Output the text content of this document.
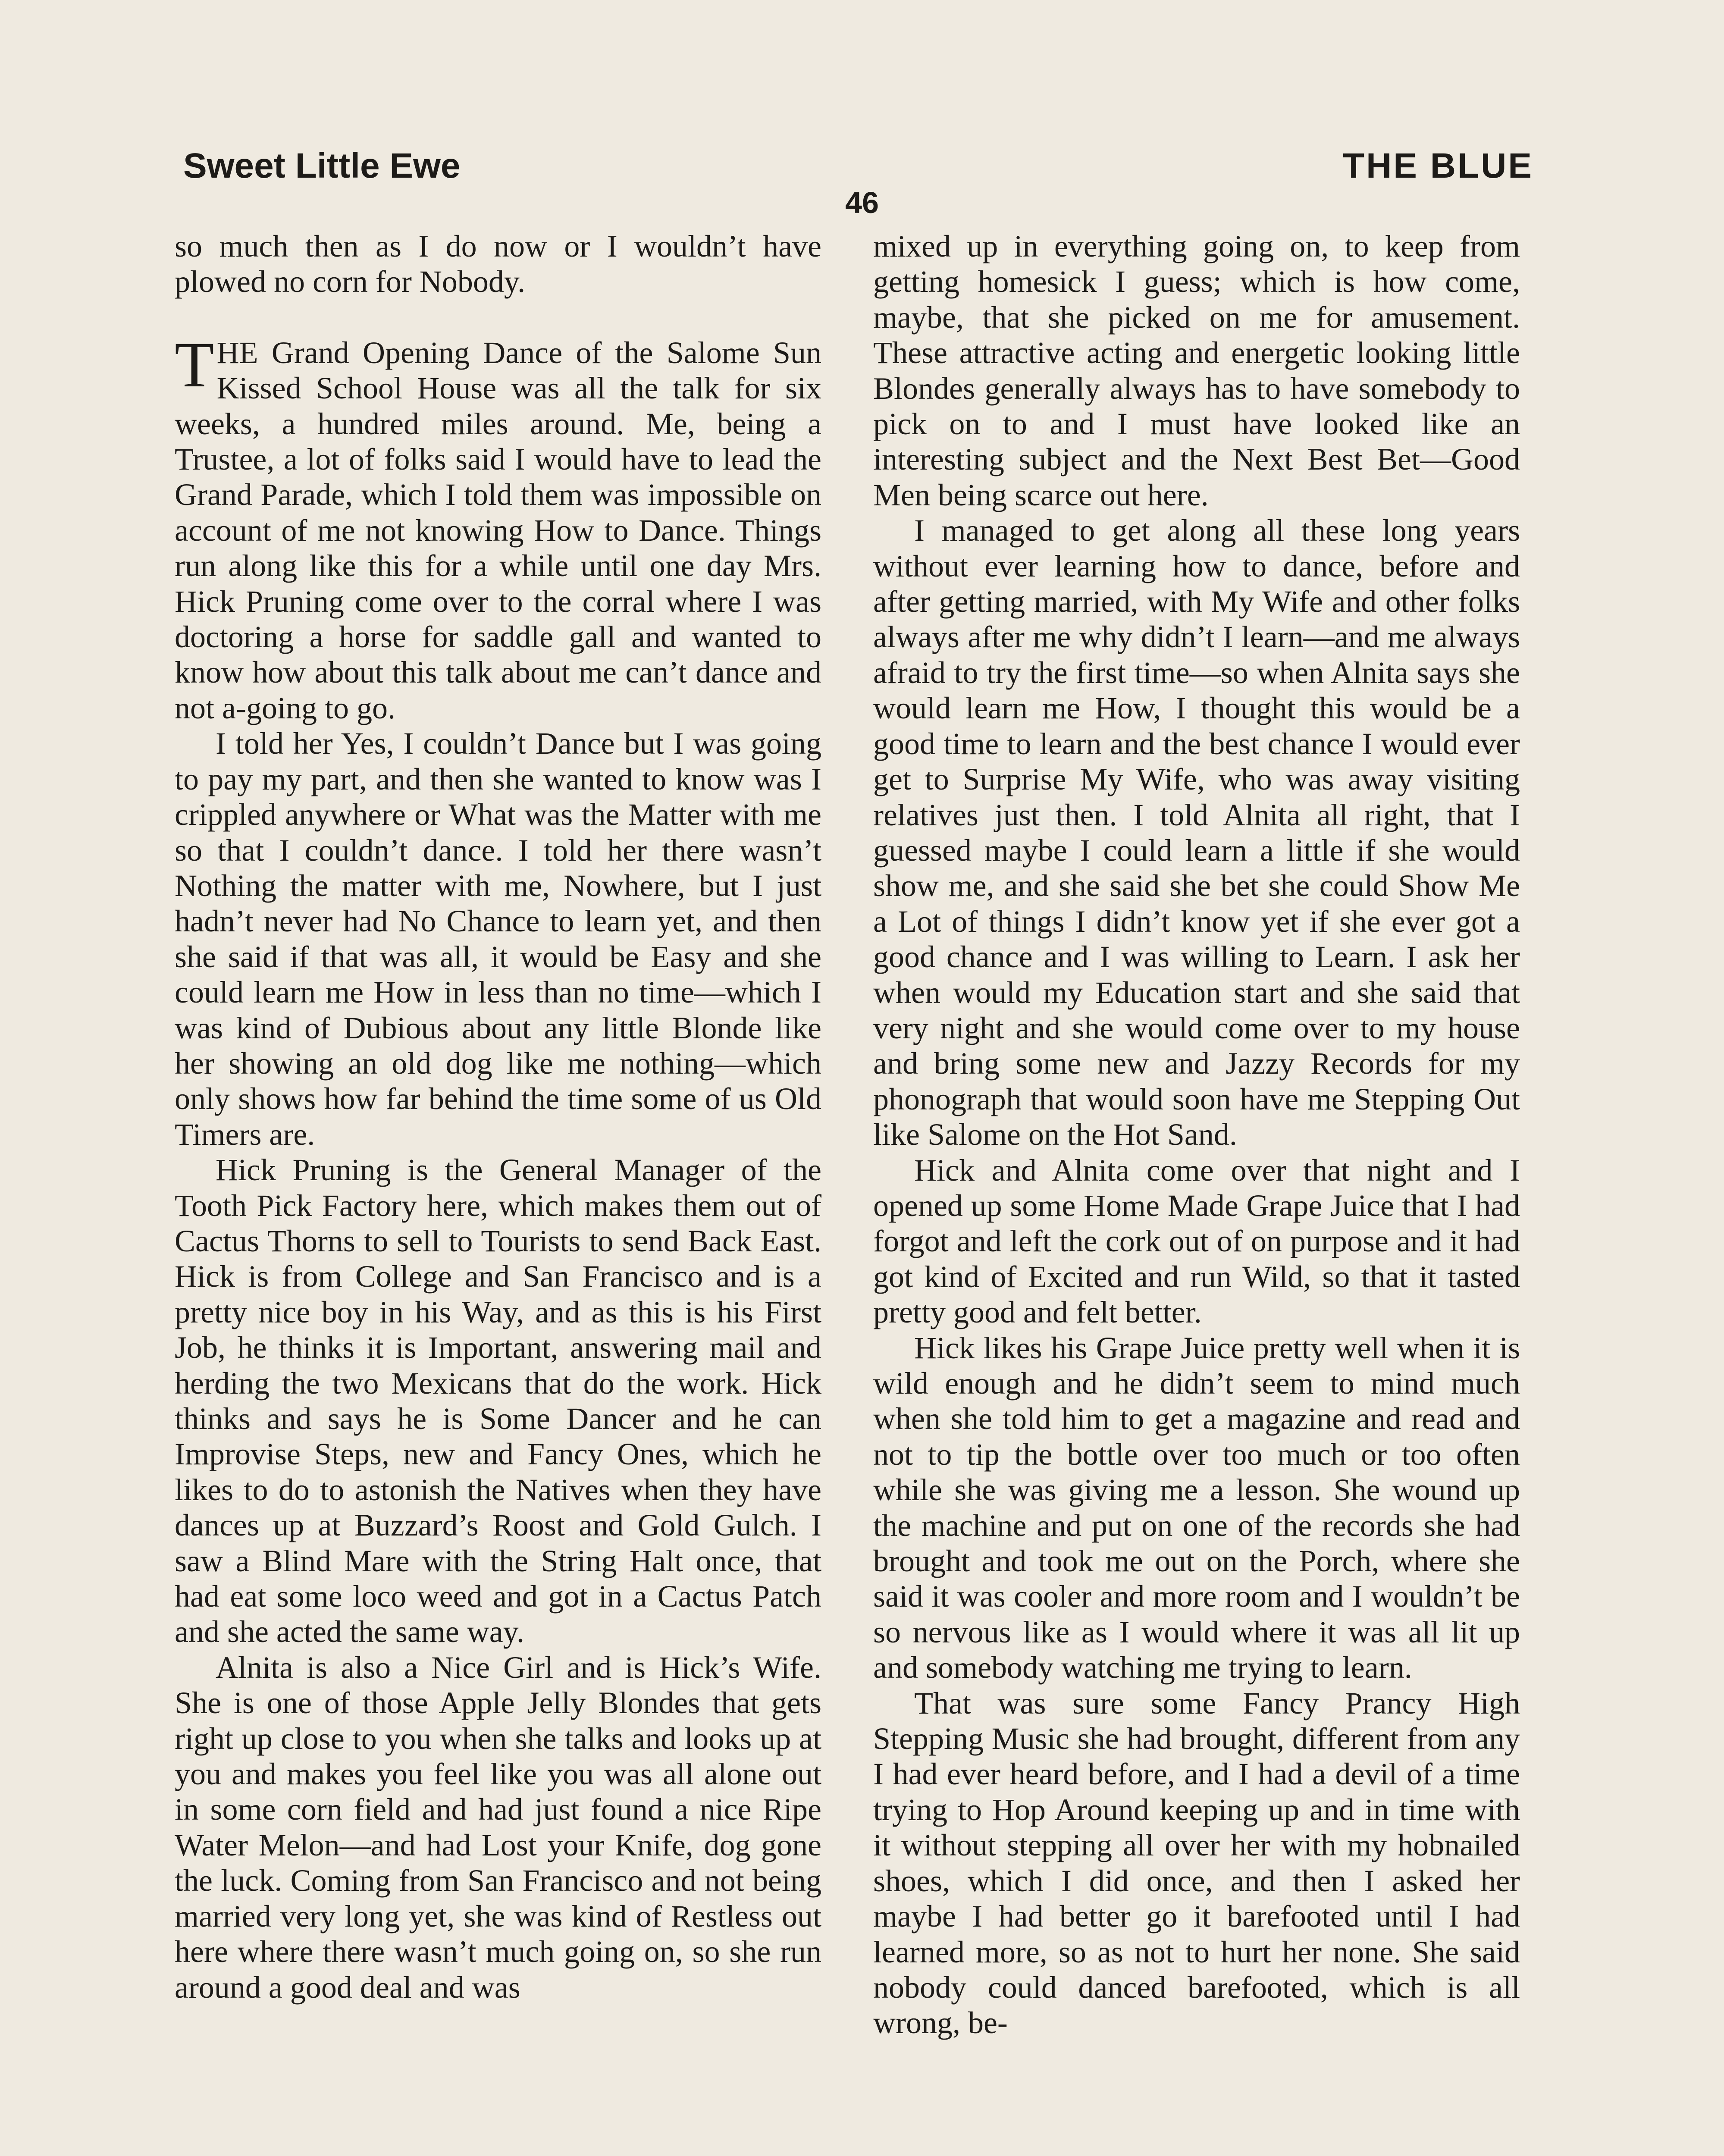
Sweet Little Ewe	THE BLUE
46

so much then as I do now or I wouldn’t have plowed no corn for Nobody.

THE Grand Opening Dance of the Salome Sun Kissed School House was all the talk for six weeks, a hundred miles around. Me, being a Trustee, a lot of folks said I would have to lead the Grand Parade, which I told them was impossible on account of me not knowing How to Dance. Things run along like this for a while until one day Mrs. Hick Pruning come over to the corral where I was doctoring a horse for saddle gall and wanted to know how about this talk about me can’t dance and not a-going to go.

I told her Yes, I couldn’t Dance but I was going to pay my part, and then she wanted to know was I crippled anywhere or What was the Matter with me so that I couldn’t dance. I told her there wasn’t Nothing the matter with me, Nowhere, but I just hadn’t never had No Chance to learn yet, and then she said if that was all, it would be Easy and she could learn me How in less than no time—which I was kind of Dubious about any little Blonde like her showing an old dog like me nothing—which only shows how far behind the time some of us Old Timers are.

Hick Pruning is the General Manager of the Tooth Pick Factory here, which makes them out of Cactus Thorns to sell to Tourists to send Back East. Hick is from College and San Francisco and is a pretty nice boy in his Way, and as this is his First Job, he thinks it is Important, answering mail and herding the two Mexicans that do the work. Hick thinks and says he is Some Dancer and he can Improvise Steps, new and Fancy Ones, which he likes to do to astonish the Natives when they have dances up at Buzzard’s Roost and Gold Gulch. I saw a Blind Mare with the String Halt once, that had eat some loco weed and got in a Cactus Patch and she acted the same way.

Alnita is also a Nice Girl and is Hick’s Wife. She is one of those Apple Jelly Blondes that gets right up close to you when she talks and looks up at you and makes you feel like you was all alone out in some corn field and had just found a nice Ripe Water Melon—and had Lost your Knife, dog gone the luck. Coming from San Francisco and not being married very long yet, she was kind of Restless out here where there wasn’t much going on, so she run around a good deal and was

mixed up in everything going on, to keep from getting homesick I guess; which is how come, maybe, that she picked on me for amusement. These attractive acting and energetic looking little Blondes generally always has to have somebody to pick on to and I must have looked like an interesting subject and the Next Best Bet—Good Men being scarce out here.

I managed to get along all these long years without ever learning how to dance, before and after getting married, with My Wife and other folks always after me why didn’t I learn—and me always afraid to try the first time—so when Alnita says she would learn me How, I thought this would be a good time to learn and the best chance I would ever get to Surprise My Wife, who was away visiting relatives just then. I told Alnita all right, that I guessed maybe I could learn a little if she would show me, and she said she bet she could Show Me a Lot of things I didn’t know yet if she ever got a good chance and I was willing to Learn. I ask her when would my Education start and she said that very night and she would come over to my house and bring some new and Jazzy Records for my phonograph that would soon have me Stepping Out like Salome on the Hot Sand.

Hick and Alnita come over that night and I opened up some Home Made Grape Juice that I had forgot and left the cork out of on purpose and it had got kind of Excited and run Wild, so that it tasted pretty good and felt better.

Hick likes his Grape Juice pretty well when it is wild enough and he didn’t seem to mind much when she told him to get a magazine and read and not to tip the bottle over too much or too often while she was giving me a lesson. She wound up the machine and put on one of the records she had brought and took me out on the Porch, where she said it was cooler and more room and I wouldn’t be so nervous like as I would where it was all lit up and somebody watching me trying to learn.

That was sure some Fancy Prancy High Stepping Music she had brought, different from any I had ever heard before, and I had a devil of a time trying to Hop Around keeping up and in time with it without stepping all over her with my hobnailed shoes, which I did once, and then I asked her maybe I had better go it barefooted until I had learned more, so as not to hurt her none. She said nobody could danced barefooted, which is all wrong, be-
